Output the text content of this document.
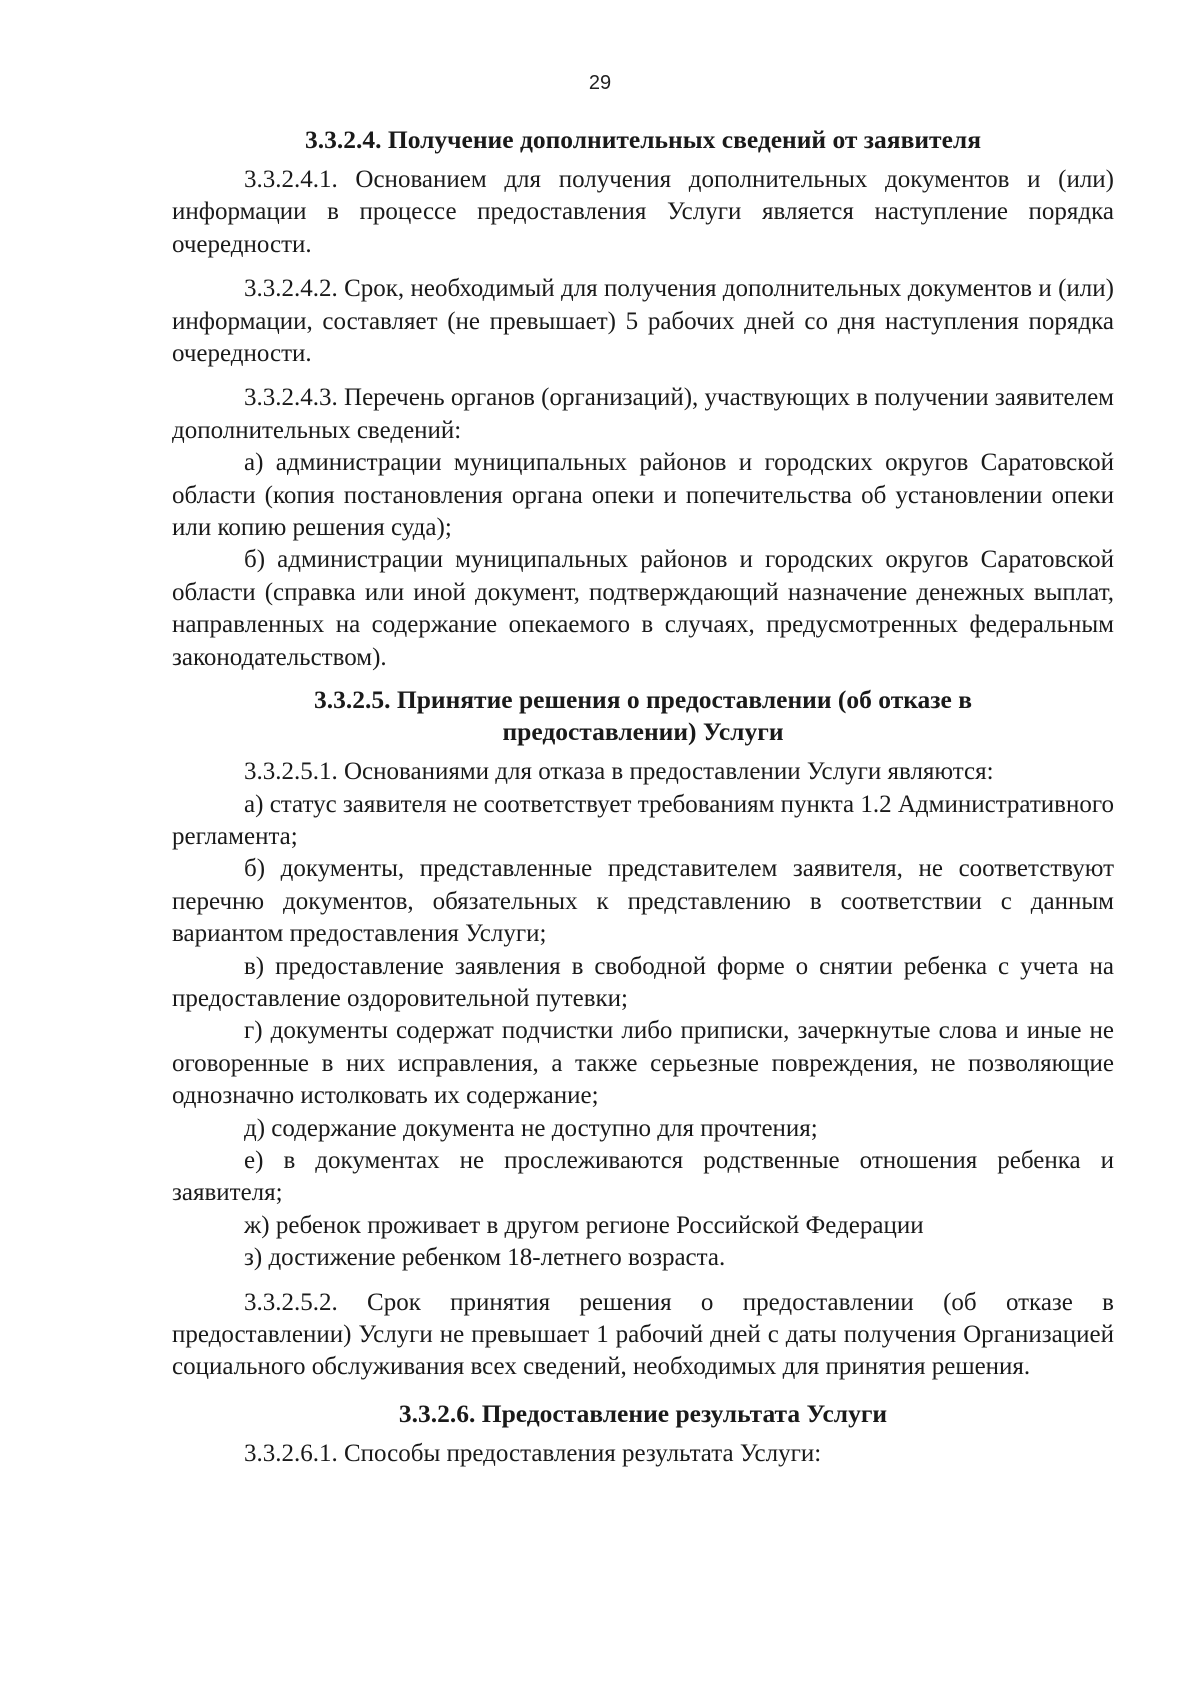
29
3.3.2.4. Получение дополнительных сведений от заявителя

3.3.2.4.1. Основанием для получения дополнительных документов и (или) информации в процессе предоставления Услуги является наступление порядка очередности.

3.3.2.4.2. Срок, необходимый для получения дополнительных документов и (или) информации, составляет (не превышает) 5 рабочих дней со дня наступления порядка очередности.

3.3.2.4.3. Перечень органов (организаций), участвующих в получении заявителем дополнительных сведений:

а) администрации муниципальных районов и городских округов Саратовской области (копия постановления органа опеки и попечительства об установлении опеки или копию решения суда);

б) администрации муниципальных районов и городских округов Саратовской области (справка или иной документ, подтверждающий назначение денежных выплат, направленных на содержание опекаемого в случаях, предусмотренных федеральным законодательством).

3.3.2.5. Принятие решения о предоставлении (об отказе в
предоставлении) Услуги

3.3.2.5.1. Основаниями для отказа в предоставлении Услуги являются:

а) статус заявителя не соответствует требованиям пункта 1.2 Административного регламента;

б) документы, представленные представителем заявителя, не соответствуют перечню документов, обязательных к представлению в соответствии с данным вариантом предоставления Услуги;

в) предоставление заявления в свободной форме о снятии ребенка с учета на предоставление оздоровительной путевки;

г) документы содержат подчистки либо приписки, зачеркнутые слова и иные не оговоренные в них исправления, а также серьезные повреждения, не позволяющие однозначно истолковать их содержание;

д) содержание документа не доступно для прочтения;

е) в документах не прослеживаются родственные отношения ребенка и заявителя;

ж) ребенок проживает в другом регионе Российской Федерации

з) достижение ребенком 18-летнего возраста.

3.3.2.5.2. Срок принятия решения о предоставлении (об отказе в предоставлении) Услуги не превышает 1 рабочий дней с даты получения Организацией социального обслуживания всех сведений, необходимых для принятия решения.

3.3.2.6. Предоставление результата Услуги

3.3.2.6.1. Способы предоставления результата Услуги:
